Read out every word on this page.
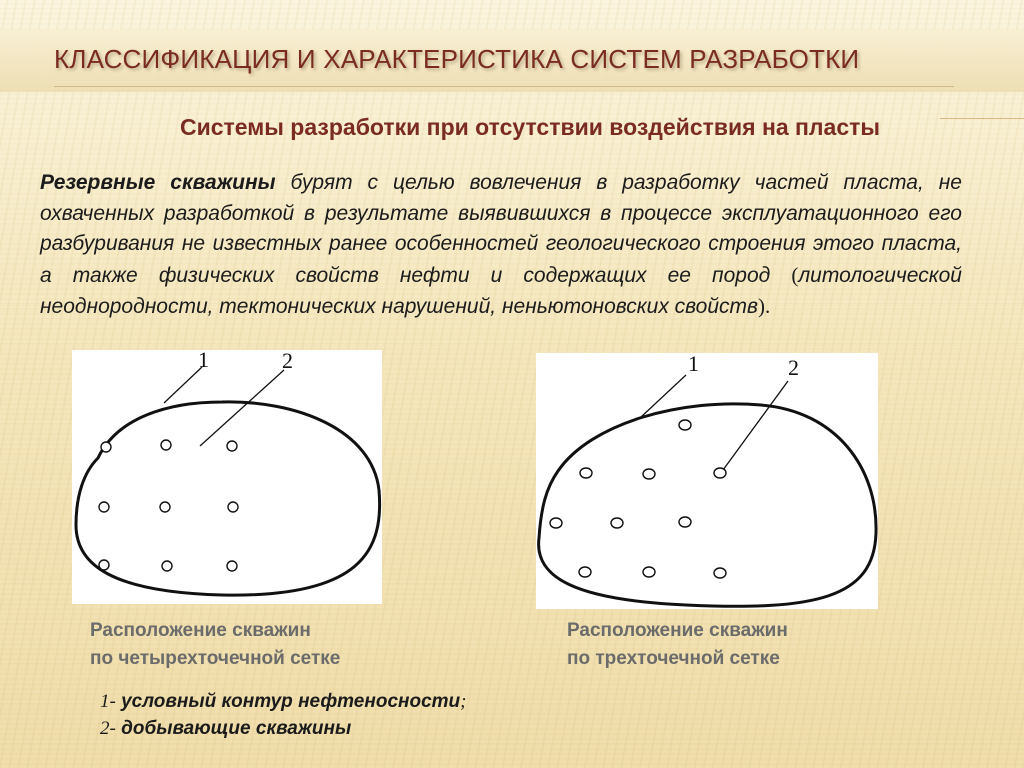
КЛАССИФИКАЦИЯ И ХАРАКТЕРИСТИКА СИСТЕМ РАЗРАБОТКИ
Системы разработки при отсутствии воздействия на пласты
Резервные скважины бурят с целью вовлечения в разработку частей пласта, не охваченных разработкой в результате выявившихся в процессе эксплуатационного его разбуривания не известных ранее особенностей геологического строения этого пласта, а также физических свойств нефти и содержащих ее пород (литологической неоднородности, тектонических нарушений, неньютоновских свойств).
1	2
Расположение скважин
по четырехточечной сетке
1	2
Расположение скважин
по трехточечной сетке
1- условный контур нефтеносности;
2- добывающие скважины
